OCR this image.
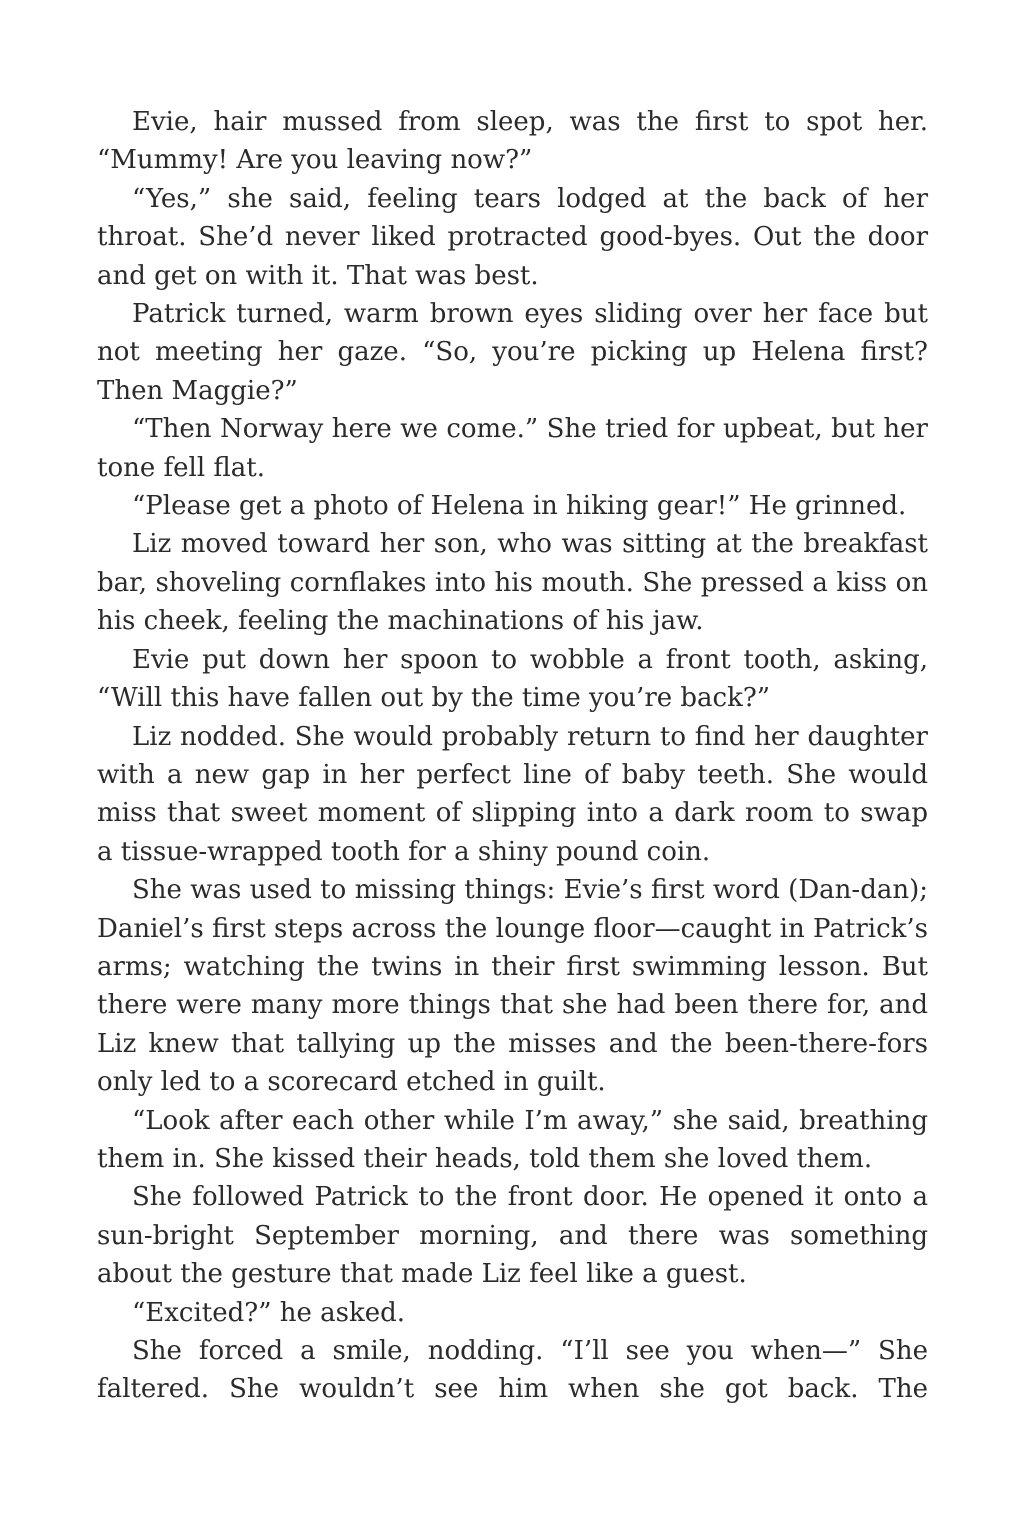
Evie, hair mussed from sleep, was the first to spot her. “Mummy! Are you leaving now?”

“Yes,” she said, feeling tears lodged at the back of her throat. She’d never liked protracted good-byes. Out the door and get on with it. That was best.

Patrick turned, warm brown eyes sliding over her face but not meeting her gaze. “So, you’re picking up Helena first? Then Maggie?”

“Then Norway here we come.” She tried for upbeat, but her tone fell flat.

“Please get a photo of Helena in hiking gear!” He grinned.

Liz moved toward her son, who was sitting at the breakfast bar, shoveling cornflakes into his mouth. She pressed a kiss on his cheek, feeling the machinations of his jaw.

Evie put down her spoon to wobble a front tooth, asking, “Will this have fallen out by the time you’re back?”

Liz nodded. She would probably return to find her daughter with a new gap in her perfect line of baby teeth. She would miss that sweet moment of slipping into a dark room to swap a tissue-wrapped tooth for a shiny pound coin.

She was used to missing things: Evie’s first word (Dan-dan); Daniel’s first steps across the lounge floor—caught in Patrick’s arms; watching the twins in their first swimming lesson. But there were many more things that she had been there for, and Liz knew that tallying up the misses and the been-there-fors only led to a scorecard etched in guilt.

“Look after each other while I’m away,” she said, breathing them in. She kissed their heads, told them she loved them.

She followed Patrick to the front door. He opened it onto a sun-bright September morning, and there was something about the gesture that made Liz feel like a guest.

“Excited?” he asked.

She forced a smile, nodding. “I’ll see you when—” She faltered. She wouldn’t see him when she got back. The
